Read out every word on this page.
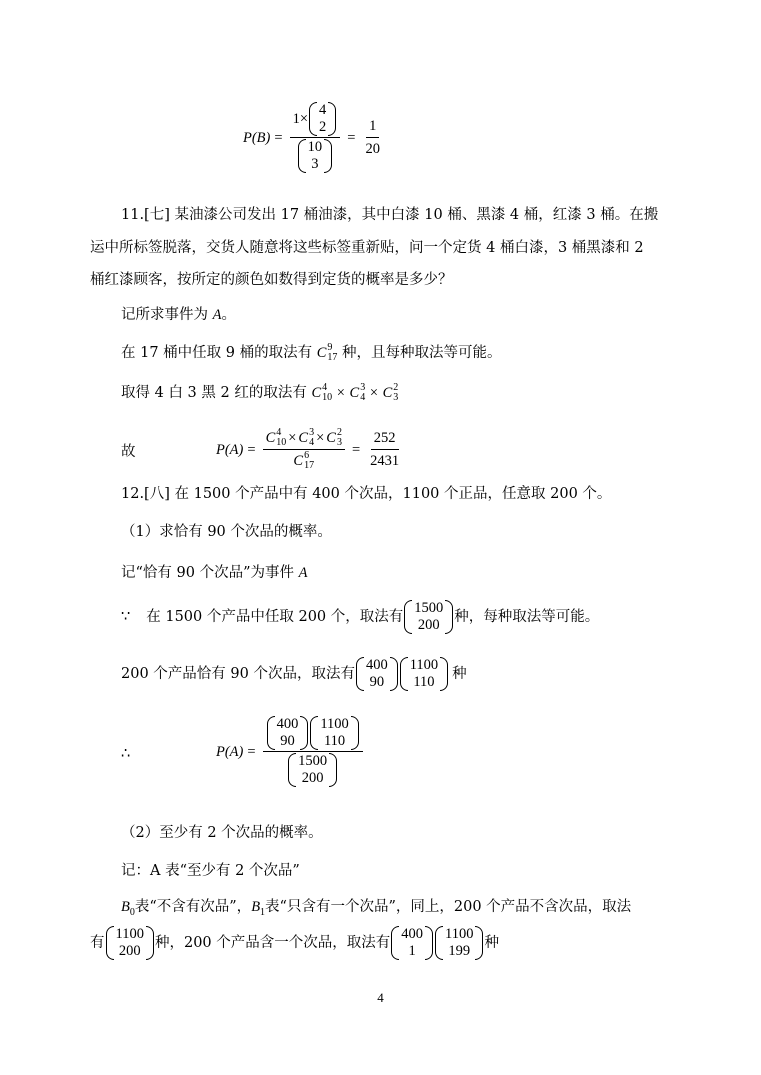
P(B) = 1×
4
2
10
$3 = \frac{1}{20}$
11.[七] 某油漆公司发出 17 桶油漆，其中白漆 10 桶、黑漆 4 桶，红漆 3 桶。在搬
运中所标签脱落，交货人随意将这些标签重新贴，问一个定货 4 桶白漆，3 桶黑漆和 2
桶红漆顾客，按所定的颜色如数得到定货的概率是多少？
记所求事件为 A。
在 17 桶中任取 9 桶的取法有 C 9
17 种，且每种取法等可能。
取得 4 白 3 黑 2 红的取法有 C 4
10 × C 3
4 × C 2
3
故	P(A) = C 4
10 × C 3
4 × C 2
3
C 6
$17 = \frac{252}{2431}$
12.[八] 在 1500 个产品中有 400 个次品，1100 个正品，任意取 200 个。
（1）求恰有 90 个次品的概率。
记“恰有 90 个次品”为事件 A
∵ 在 1500 个产品中任取 200 个，取法有
1500
200 种，每种取法等可能。
200 个产品恰有 90 个次品，取法有
400
90
1100
110 种
∴	P(A) =
400
90
1100
110
1500
200
（2）至少有 2 个次品的概率。
记：A 表“至少有 2 个次品”
$B_0$表“不含有次品”，$B_1$表“只含有一个次品”，同上，200 个产品不含次品，取法
有
1100
200 种，200 个产品含一个次品，取法有
400
1
1100
199 种
4
